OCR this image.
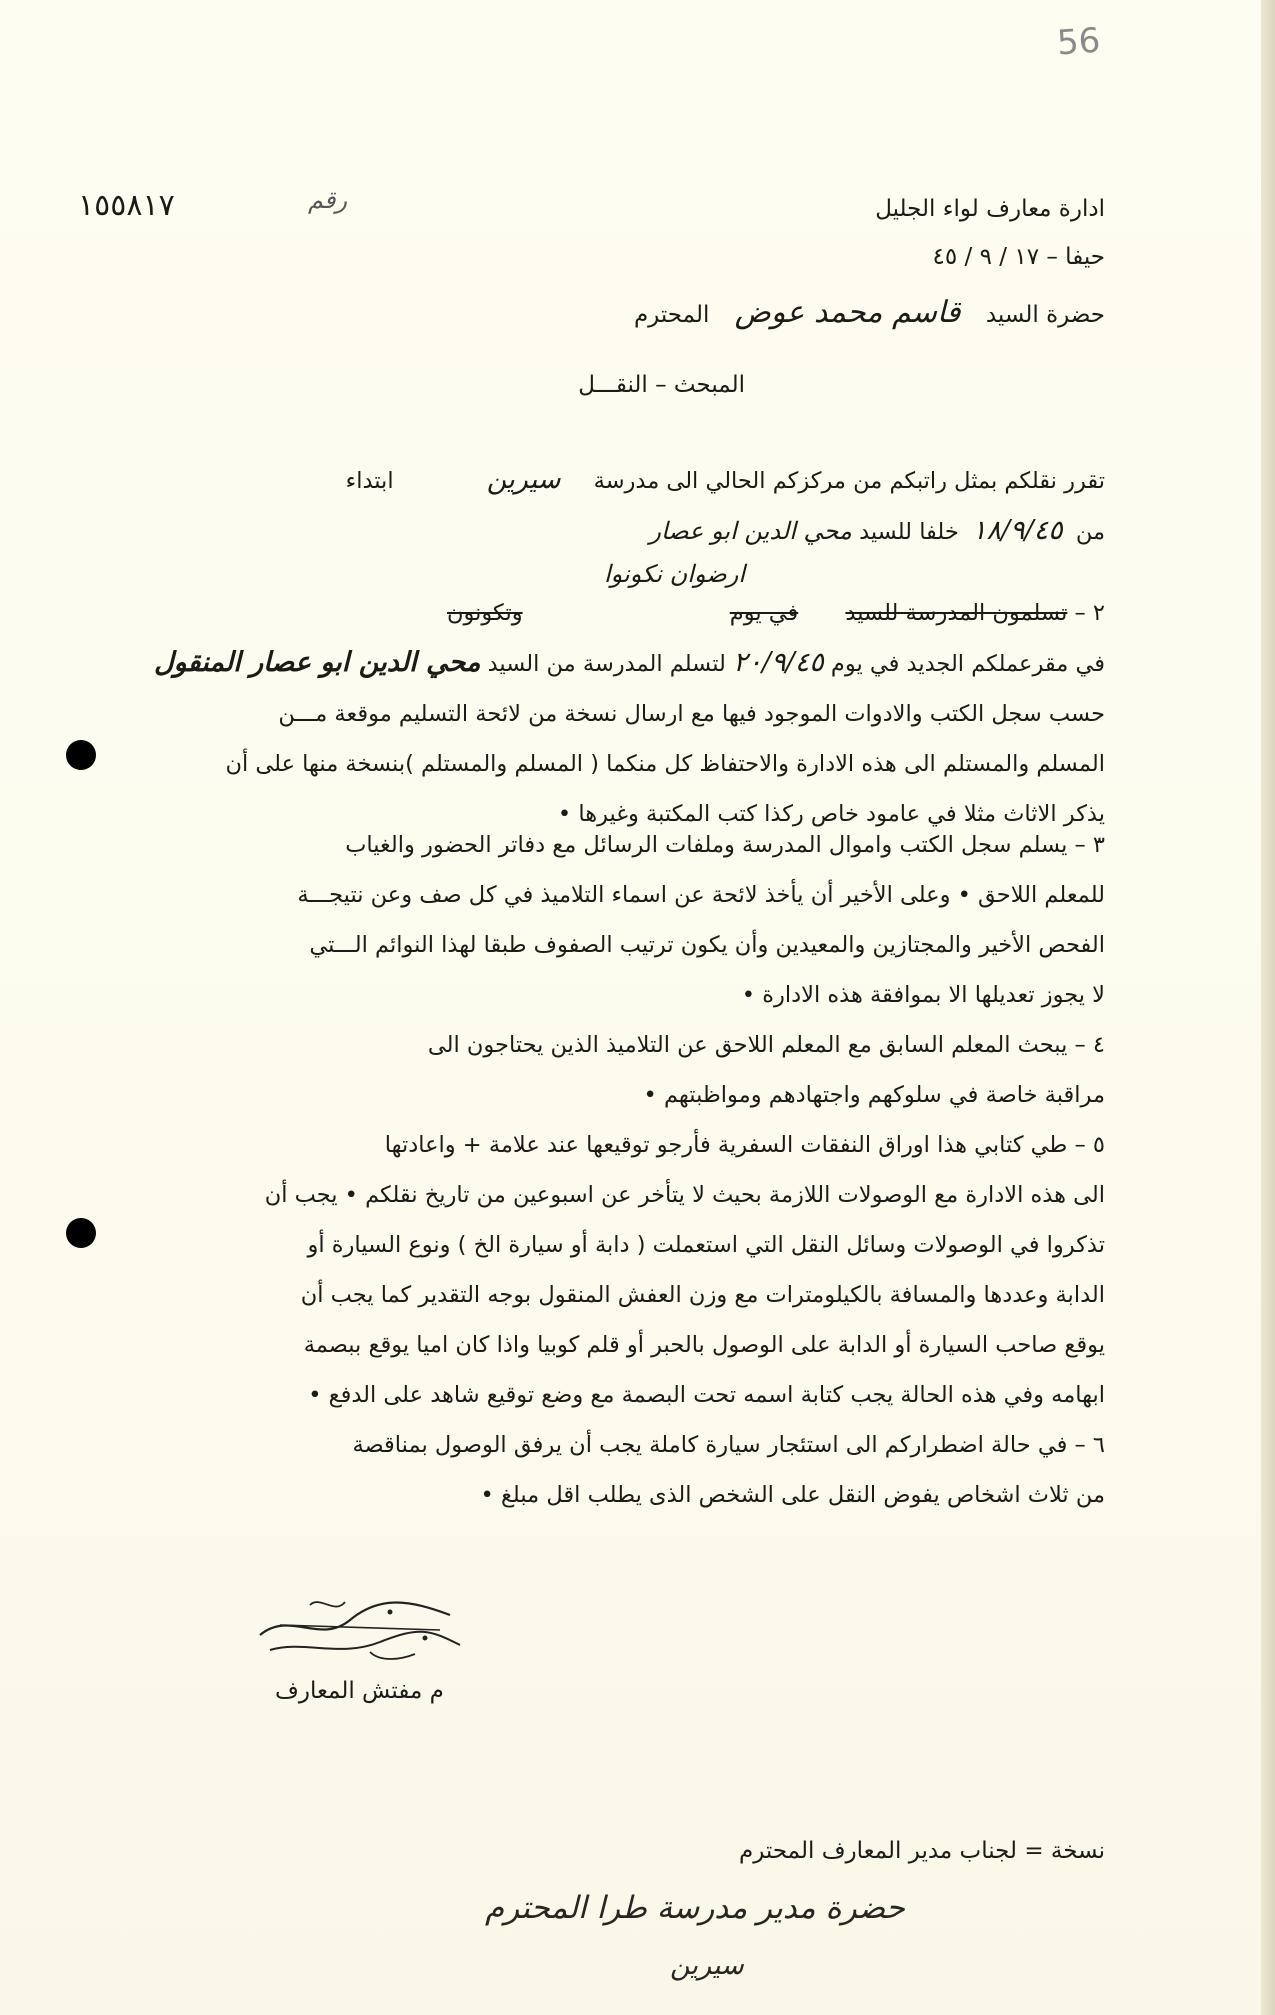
56
رقم
١٥٥٨١٧	ادارة معارف لواء الجليل
حيفا – ١٧ / ٩ / ٤٥
حضرة السيد قاسم محمد عوض المحترم
المبحث – النقـــل
تقرر نقلكم بمثل راتبكم من مركزكم الحالي الى مدرسة سيرين ابتداء
من ١٨/٩/٤٥ خلفا للسيد محي الدين ابو عصار
ارضوان نكونوا
٢ – تسلمون المدرسة للسيد في يوم وتكونون
في مقرعملكم الجديد في يوم ٢٠/٩/٤٥ لتسلم المدرسة من السيد محي الدين ابو عصار المنقول
حسب سجل الكتب والادوات الموجود فيها مع ارسال نسخة من لائحة التسليم موقعة مـــن
المسلم والمستلم الى هذه الادارة والاحتفاظ كل منكما ( المسلم والمستلم )بنسخة منها على أن
يذكر الاثاث مثلا في عامود خاص ركذا كتب المكتبة وغيرها •
٣ – يسلم سجل الكتب واموال المدرسة وملفات الرسائل مع دفاتر الحضور والغياب
للمعلم اللاحق • وعلى الأخير أن يأخذ لائحة عن اسماء التلاميذ في كل صف وعن نتيجـــة
الفحص الأخير والمجتازين والمعيدين وأن يكون ترتيب الصفوف طبقا لهذا النوائم الـــتي
لا يجوز تعديلها الا بموافقة هذه الادارة •
٤ – يبحث المعلم السابق مع المعلم اللاحق عن التلاميذ الذين يحتاجون الى
مراقبة خاصة في سلوكهم واجتهادهم ومواظبتهم •
٥ – طي كتابي هذا اوراق النفقات السفرية فأرجو توقيعها عند علامة + واعادتها
الى هذه الادارة مع الوصولات اللازمة بحيث لا يتأخر عن اسبوعين من تاريخ نقلكم • يجب أن
تذكروا في الوصولات وسائل النقل التي استعملت ( دابة أو سيارة الخ ) ونوع السيارة أو
الدابة وعددها والمسافة بالكيلومترات مع وزن العفش المنقول بوجه التقدير كما يجب أن
يوقع صاحب السيارة أو الدابة على الوصول بالحبر أو قلم كوبيا واذا كان اميا يوقع ببصمة
ابهامه وفي هذه الحالة يجب كتابة اسمه تحت البصمة مع وضع توقيع شاهد على الدفع •
٦ – في حالة اضطراركم الى استئجار سيارة كاملة يجب أن يرفق الوصول بمناقصة
من ثلاث اشخاص يفوض النقل على الشخص الذى يطلب اقل مبلغ •
م مفتش المعارف
نسخة = لجناب مدير المعارف المحترم
حضرة مدير مدرسة طرا المحترم
سيرين
